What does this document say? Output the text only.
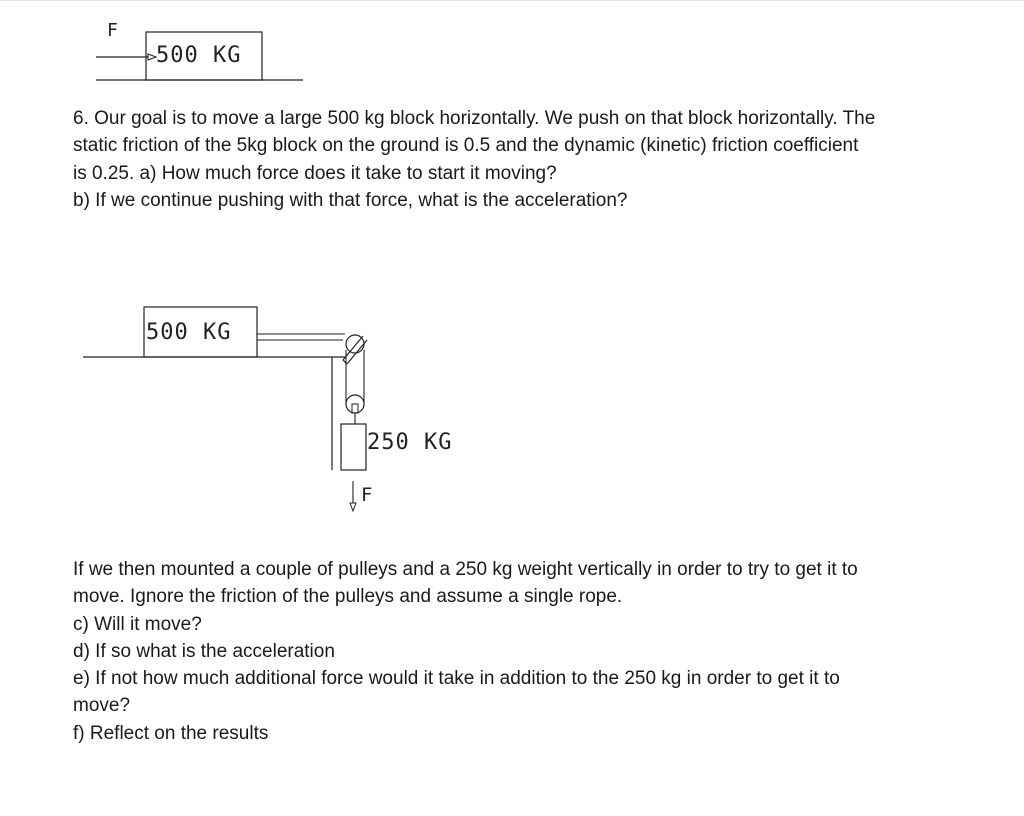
F
500 KG
6. Our goal is to move a large 500 kg block horizontally. We push on that block horizontally. The
static friction of the 5kg block on the ground is 0.5 and the dynamic (kinetic) friction coefficient
is 0.25. a) How much force does it take to start it moving?
b) If we continue pushing with that force, what is the acceleration?
500 KG
250 KG
F
If we then mounted a couple of pulleys and a 250 kg weight vertically in order to try to get it to
move. Ignore the friction of the pulleys and assume a single rope.
c) Will it move?
d) If so what is the acceleration
e) If not how much additional force would it take in addition to the 250 kg in order to get it to
move?
f) Reflect on the results
